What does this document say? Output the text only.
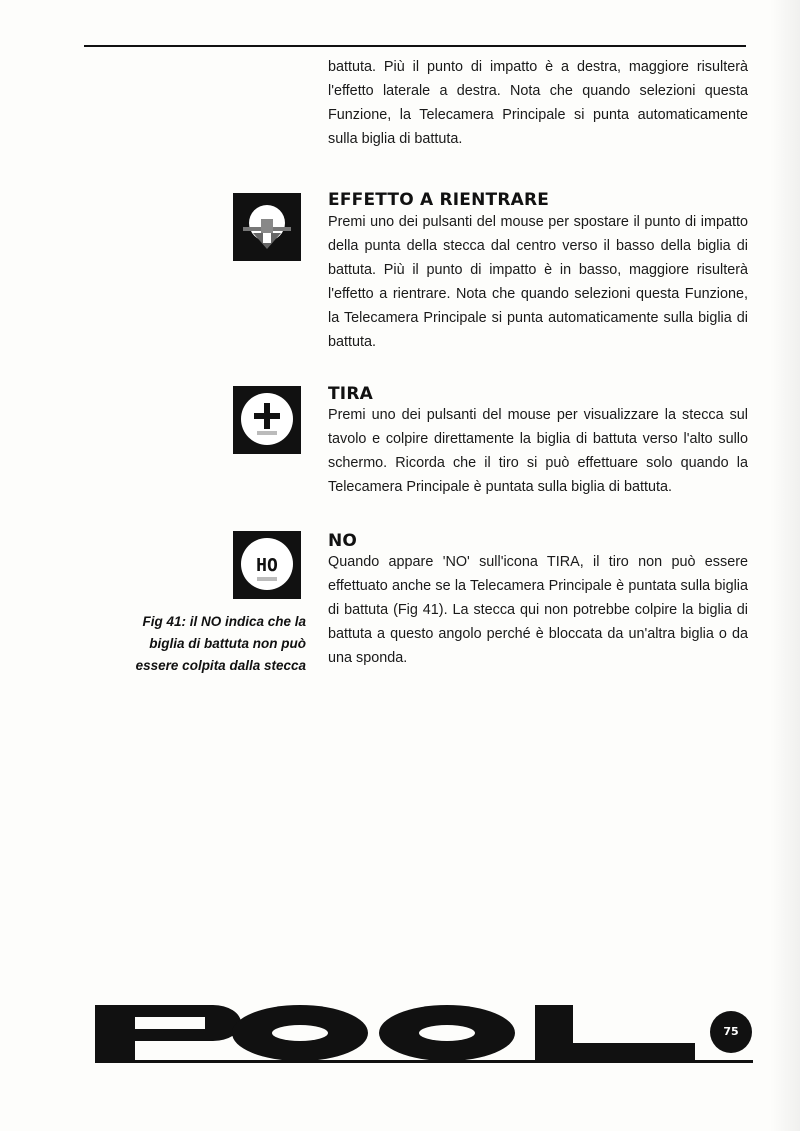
battuta. Più il punto di impatto è a destra, maggiore risulterà l'effetto laterale a destra. Nota che quando selezioni questa Funzione, la Telecamera Principale si punta automaticamente sulla biglia di battuta.

EFFETTO A RIENTRARE

Premi uno dei pulsanti del mouse per spostare il punto di impatto della punta della stecca dal centro verso il basso della biglia di battuta. Più il punto di impatto è in basso, maggiore risulterà l'effetto a rientrare. Nota che quando selezioni questa Funzione, la Telecamera Principale si punta automaticamente sulla biglia di battuta.

TIRA

Premi uno dei pulsanti del mouse per visualizzare la stecca sul tavolo e colpire direttamente la biglia di battuta verso l'alto sullo schermo. Ricorda che il tiro si può effettuare solo quando la Telecamera Principale è puntata sulla biglia di battuta.

HO
NO

Quando appare 'NO' sull'icona TIRA, il tiro non può essere effettuato anche se la Telecamera Principale è puntata sulla biglia di battuta (Fig 41). La stecca qui non potrebbe colpire la biglia di battuta a questo angolo perché è bloccata da un'altra biglia o da una sponda.

Fig 41: il NO indica che la
biglia di battuta non può
essere colpita dalla stecca
75
